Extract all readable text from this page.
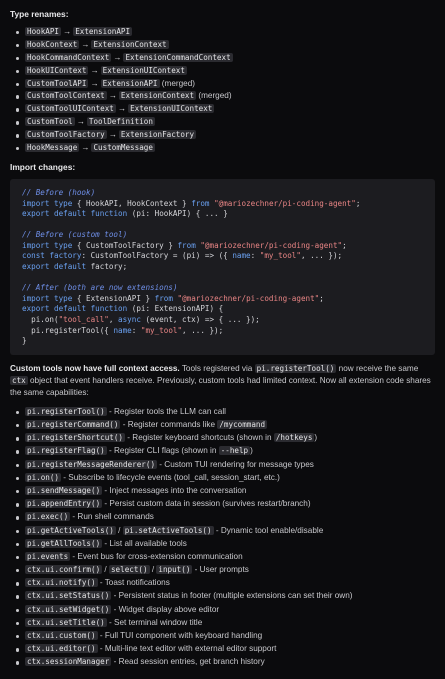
Type renames:
HookAPI → ExtensionAPI
HookContext → ExtensionContext
HookCommandContext → ExtensionCommandContext
HookUIContext → ExtensionUIContext
CustomToolAPI → ExtensionAPI (merged)
CustomToolContext → ExtensionContext (merged)
CustomToolUIContext → ExtensionUIContext
CustomTool → ToolDefinition
CustomToolFactory → ExtensionFactory
HookMessage → CustomMessage
Import changes:
// Before (hook)
import type { HookAPI, HookContext } from "@mariozechner/pi-coding-agent";
export default function (pi: HookAPI) { ... }

// Before (custom tool)
import type { CustomToolFactory } from "@mariozechner/pi-coding-agent";
const factory: CustomToolFactory = (pi) => ({ name: "my_tool", ... });
export default factory;

// After (both are now extensions)
import type { ExtensionAPI } from "@mariozechner/pi-coding-agent";
export default function (pi: ExtensionAPI) {
pi.on("tool_call", async (event, ctx) => { ... });
pi.registerTool({ name: "my_tool", ... });
}
Custom tools now have full context access. Tools registered via pi.registerTool() now receive the same ctx object that event handlers receive. Previously, custom tools had limited context. Now all extension code shares the same capabilities:
pi.registerTool() - Register tools the LLM can call
pi.registerCommand() - Register commands like /mycommand
pi.registerShortcut() - Register keyboard shortcuts (shown in /hotkeys )
pi.registerFlag() - Register CLI flags (shown in --help )
pi.registerMessageRenderer() - Custom TUI rendering for message types
pi.on() - Subscribe to lifecycle events (tool_call, session_start, etc.)
pi.sendMessage() - Inject messages into the conversation
pi.appendEntry() - Persist custom data in session (survives restart/branch)
pi.exec() - Run shell commands
pi.getActiveTools() / pi.setActiveTools() - Dynamic tool enable/disable
pi.getAllTools() - List all available tools
pi.events - Event bus for cross-extension communication
ctx.ui.confirm() / select() / input() - User prompts
ctx.ui.notify() - Toast notifications
ctx.ui.setStatus() - Persistent status in footer (multiple extensions can set their own)
ctx.ui.setWidget() - Widget display above editor
ctx.ui.setTitle() - Set terminal window title
ctx.ui.custom() - Full TUI component with keyboard handling
ctx.ui.editor() - Multi-line text editor with external editor support
ctx.sessionManager - Read session entries, get branch history
